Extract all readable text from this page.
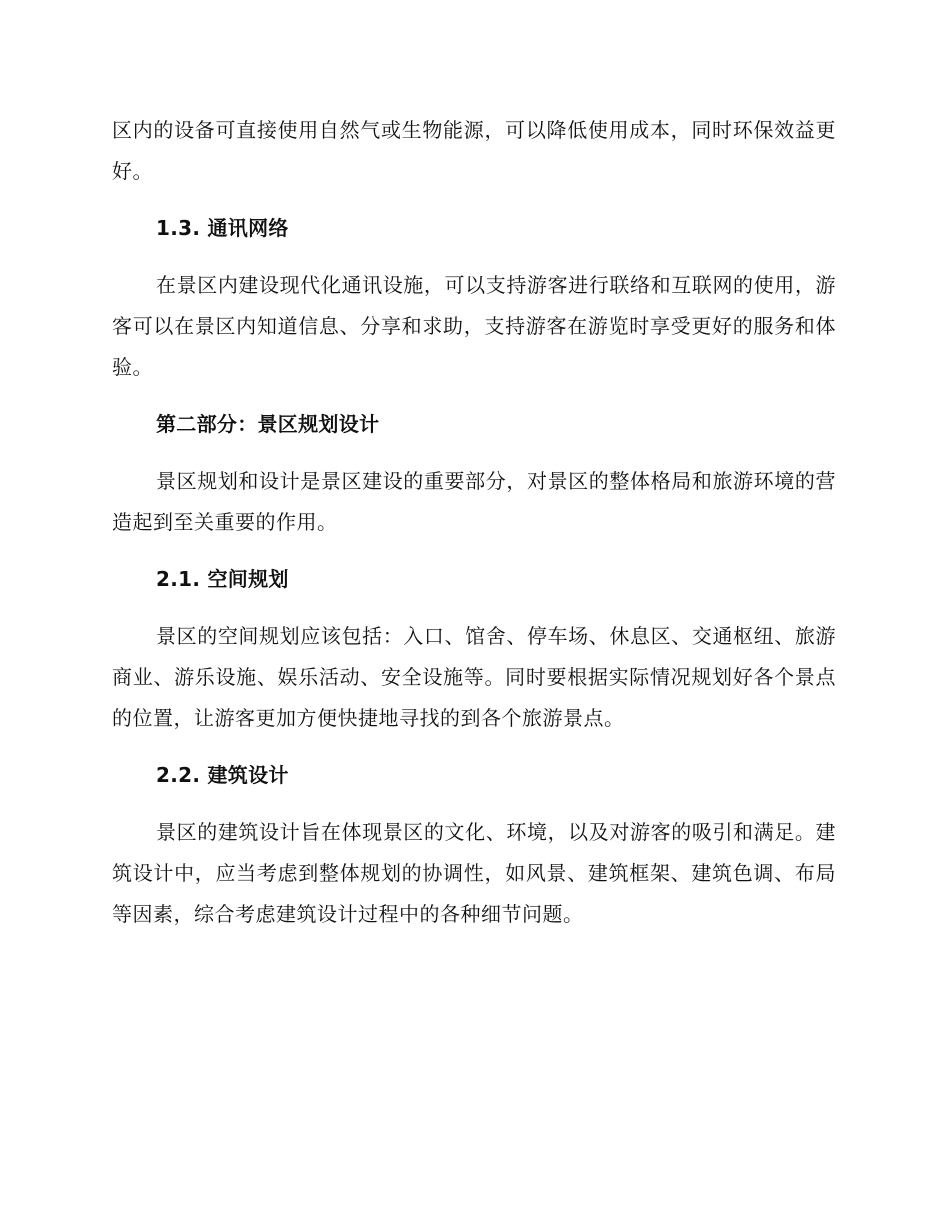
区内的设备可直接使用自然气或生物能源，可以降低使用成本，同时环保效益更好。

1.3. 通讯网络

在景区内建设现代化通讯设施，可以支持游客进行联络和互联网的使用，游客可以在景区内知道信息、分享和求助，支持游客在游览时享受更好的服务和体验。

第二部分：景区规划设计

景区规划和设计是景区建设的重要部分，对景区的整体格局和旅游环境的营造起到至关重要的作用。

2.1. 空间规划

景区的空间规划应该包括：入口、馆舍、停车场、休息区、交通枢纽、旅游商业、游乐设施、娱乐活动、安全设施等。同时要根据实际情况规划好各个景点的位置，让游客更加方便快捷地寻找的到各个旅游景点。

2.2. 建筑设计

景区的建筑设计旨在体现景区的文化、环境，以及对游客的吸引和满足。建筑设计中，应当考虑到整体规划的协调性，如风景、建筑框架、建筑色调、布局等因素，综合考虑建筑设计过程中的各种细节问题。
